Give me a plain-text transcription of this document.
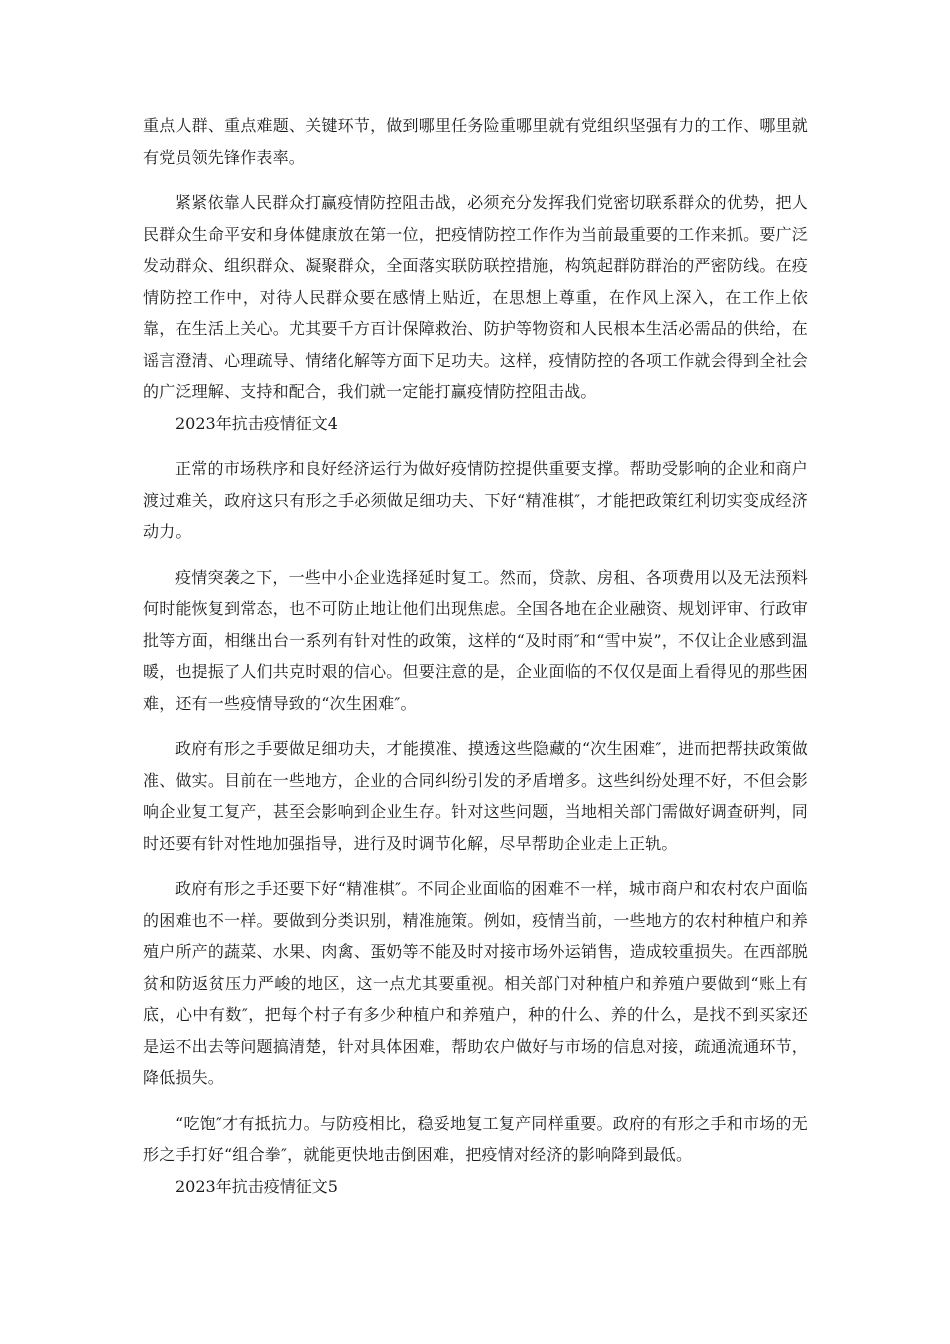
重点人群、重点难题、关键环节，做到哪里任务险重哪里就有党组织坚强有力的工作、哪里就有党员领先锋作表率。

紧紧依靠人民群众打赢疫情防控阻击战，必须充分发挥我们党密切联系群众的优势，把人民群众生命平安和身体健康放在第一位，把疫情防控工作作为当前最重要的工作来抓。要广泛发动群众、组织群众、凝聚群众，全面落实联防联控措施，构筑起群防群治的严密防线。在疫情防控工作中，对待人民群众要在感情上贴近，在思想上尊重，在作风上深入，在工作上依靠，在生活上关心。尤其要千方百计保障救治、防护等物资和人民根本生活必需品的供给，在谣言澄清、心理疏导、情绪化解等方面下足功夫。这样，疫情防控的各项工作就会得到全社会的广泛理解、支持和配合，我们就一定能打赢疫情防控阻击战。

2023年抗击疫情征文4

正常的市场秩序和良好经济运行为做好疫情防控提供重要支撑。帮助受影响的企业和商户渡过难关，政府这只有形之手必须做足细功夫、下好“精准棋″，才能把政策红利切实变成经济动力。

疫情突袭之下，一些中小企业选择延时复工。然而，贷款、房租、各项费用以及无法预料何时能恢复到常态，也不可防止地让他们出现焦虑。全国各地在企业融资、规划评审、行政审批等方面，相继出台一系列有针对性的政策，这样的“及时雨″和“雪中炭”，不仅让企业感到温暖，也提振了人们共克时艰的信心。但要注意的是，企业面临的不仅仅是面上看得见的那些困难，还有一些疫情导致的“次生困难″。

政府有形之手要做足细功夫，才能摸准、摸透这些隐藏的“次生困难″，进而把帮扶政策做准、做实。目前在一些地方，企业的合同纠纷引发的矛盾增多。这些纠纷处理不好，不但会影响企业复工复产，甚至会影响到企业生存。针对这些问题，当地相关部门需做好调查研判，同时还要有针对性地加强指导，进行及时调节化解，尽早帮助企业走上正轨。

政府有形之手还要下好“精准棋″。不同企业面临的困难不一样，城市商户和农村农户面临的困难也不一样。要做到分类识别，精准施策。例如，疫情当前，一些地方的农村种植户和养殖户所产的蔬菜、水果、肉禽、蛋奶等不能及时对接市场外运销售，造成较重损失。在西部脱贫和防返贫压力严峻的地区，这一点尤其要重视。相关部门对种植户和养殖户要做到“账上有底，心中有数″，把每个村子有多少种植户和养殖户，种的什么、养的什么，是找不到买家还是运不出去等问题搞清楚，针对具体困难，帮助农户做好与市场的信息对接，疏通流通环节，降低损失。

“吃饱″才有抵抗力。与防疫相比，稳妥地复工复产同样重要。政府的有形之手和市场的无形之手打好“组合拳″，就能更快地击倒困难，把疫情对经济的影响降到最低。

2023年抗击疫情征文5
